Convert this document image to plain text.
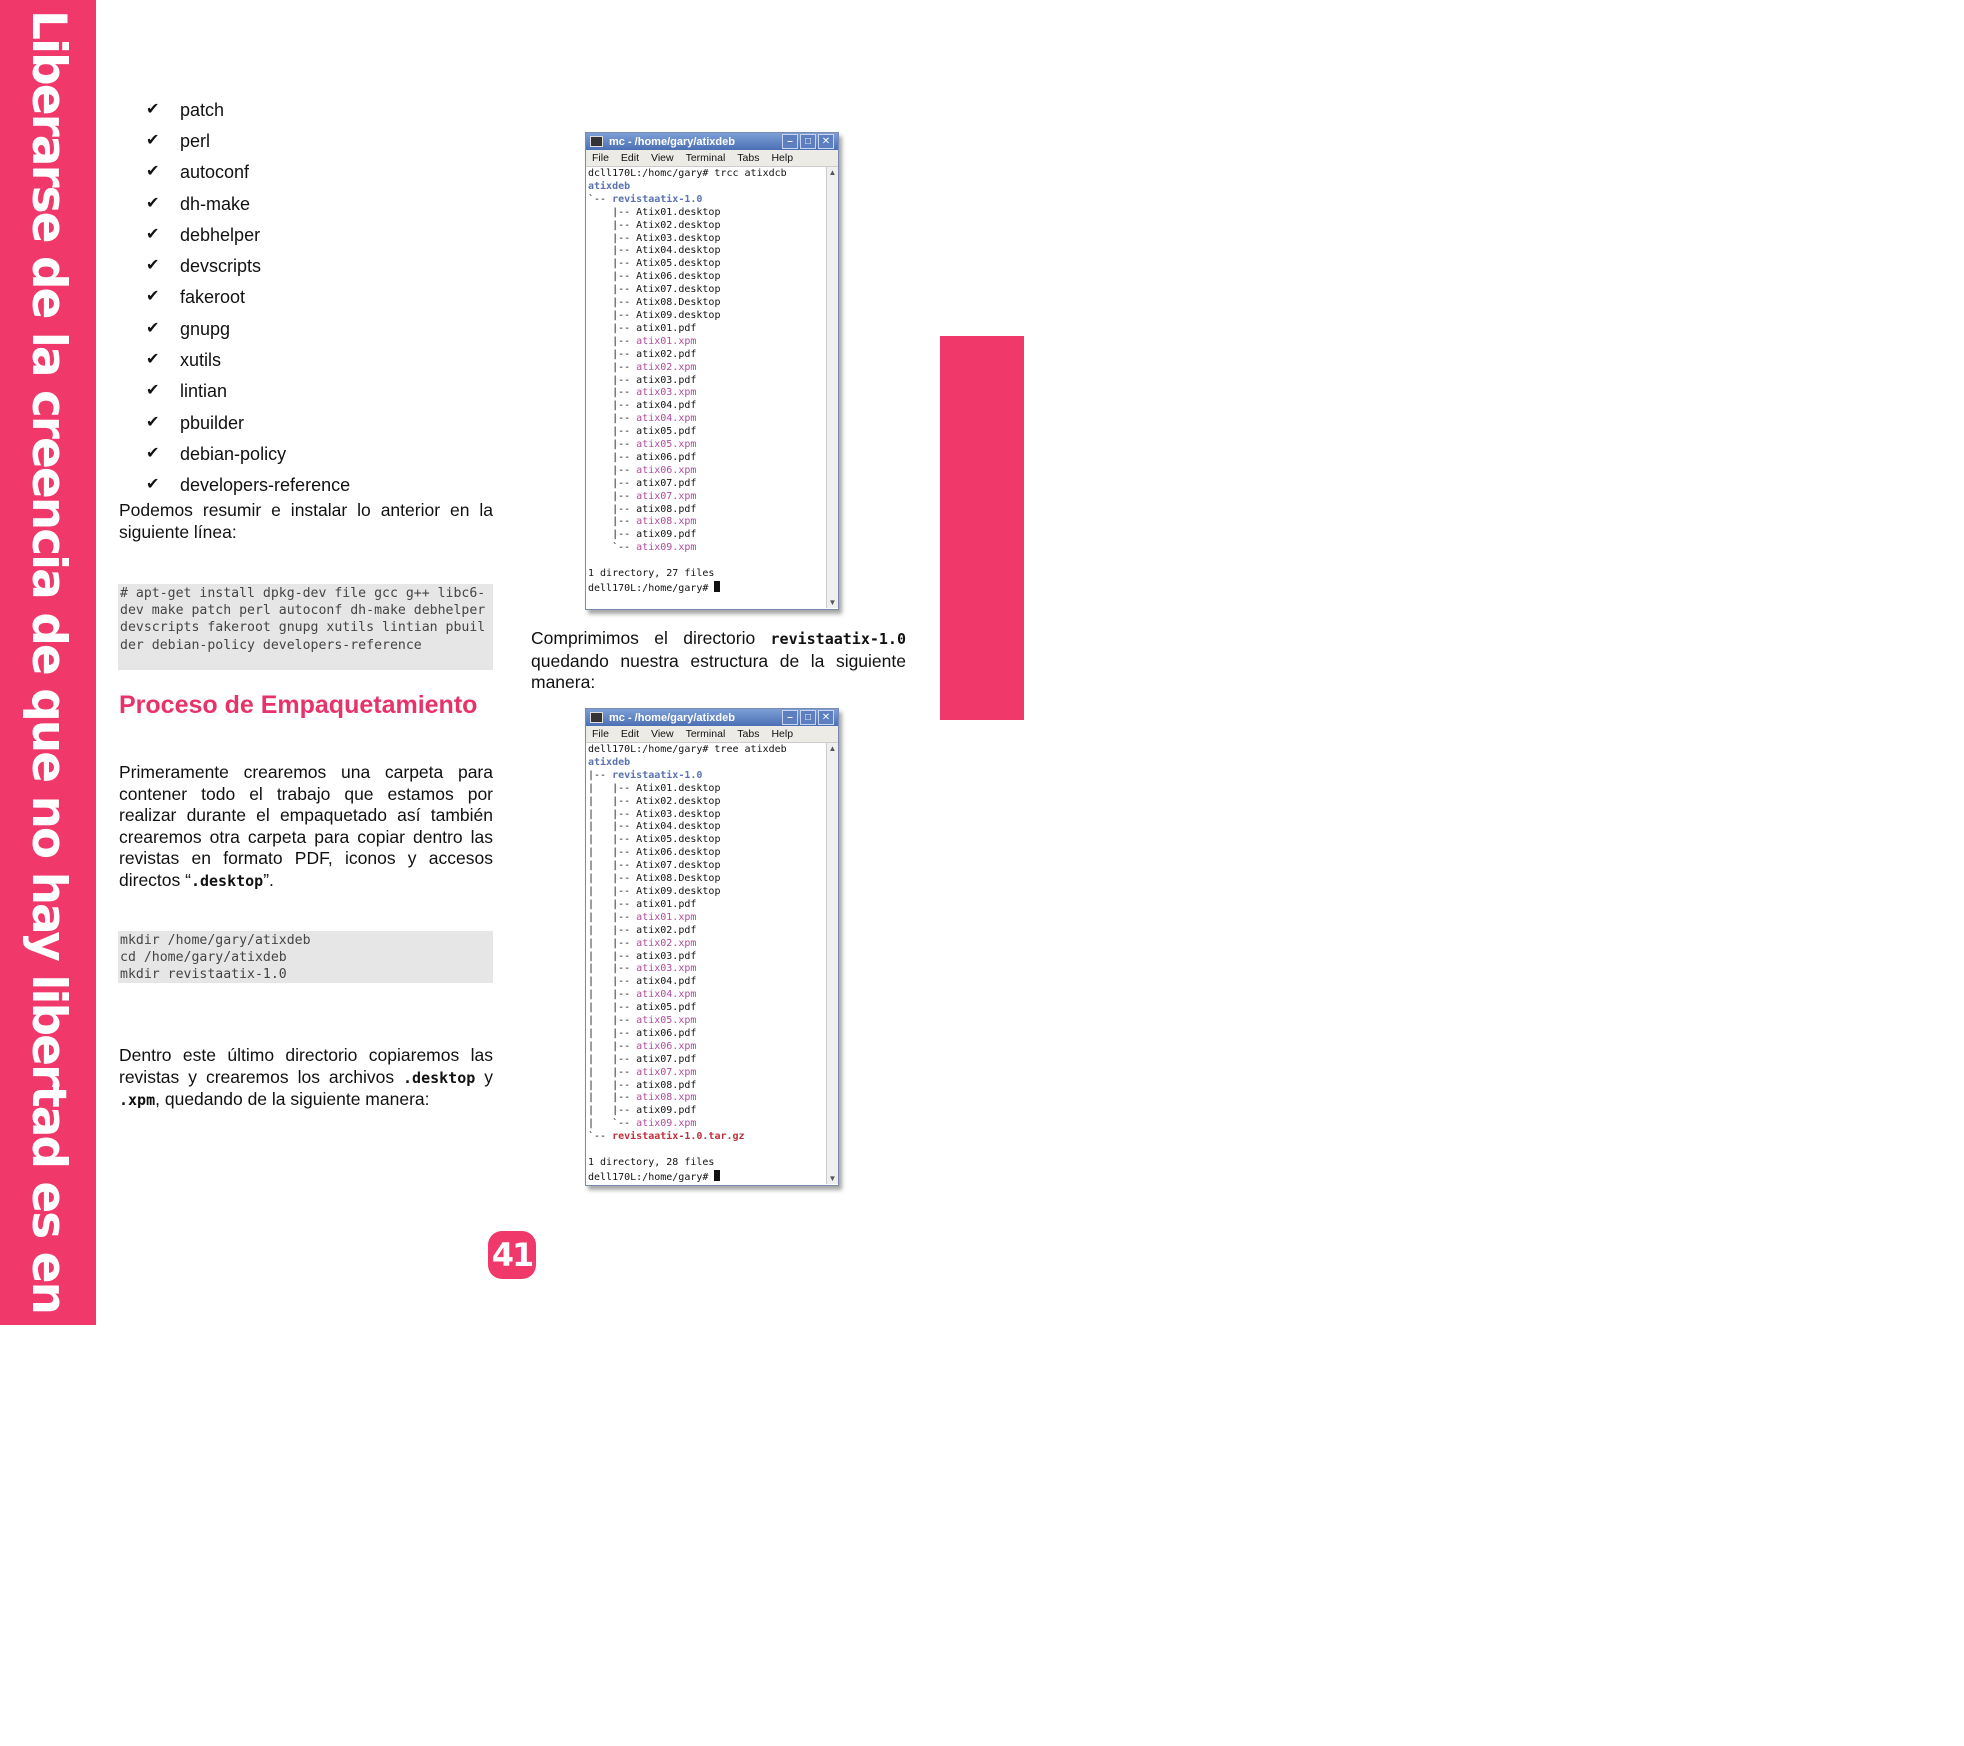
Liberarse de la creencia de que no hay libertad es en realidad ser libre	Desarrollo
✔	patch
✔	perl
✔	autoconf
✔	dh-make
✔	debhelper
✔	devscripts
✔	fakeroot
✔	gnupg
✔	xutils
✔	lintian
✔	pbuilder
✔	debian-policy
✔	developers-reference
Podemos resumir e instalar lo anterior en la siguiente línea:
# apt-get install dpkg-dev file gcc g++ libc6-dev make patch perl autoconf dh-make debhelper devscripts fakeroot gnupg xutils lintian pbuilder debian-policy developers-reference
Proceso de Empaquetamiento
Primeramente crearemos una carpeta para contener todo el trabajo que estamos por realizar durante el empaquetado así también crearemos otra carpeta para copiar dentro las revistas en formato PDF, iconos y accesos directos “.desktop”.
mkdir /home/gary/atixdeb
cd /home/gary/atixdeb
mkdir revistaatix-1.0
Dentro este último directorio copiaremos las revistas y crearemos los archivos .desktop y .xpm, quedando de la siguiente manera:
Comprimimos el directorio revistaatix-1.0 quedando nuestra estructura de la siguiente manera:
mc - /home/gary/atixdeb	–	□	✕
File Edit View Terminal Tabs Help
dcll170L:/homc/gary# trcc atixdcb
atixdeb
`-- revistaatix-1.0
|-- Atix01.desktop
|-- Atix02.desktop
|-- Atix03.desktop
|-- Atix04.desktop
|-- Atix05.desktop
|-- Atix06.desktop
|-- Atix07.desktop
|-- Atix08.Desktop
|-- Atix09.desktop
|-- atix01.pdf
|-- atix01.xpm
|-- atix02.pdf
|-- atix02.xpm
|-- atix03.pdf
|-- atix03.xpm
|-- atix04.pdf
|-- atix04.xpm
|-- atix05.pdf
|-- atix05.xpm
|-- atix06.pdf
|-- atix06.xpm
|-- atix07.pdf
|-- atix07.xpm
|-- atix08.pdf
|-- atix08.xpm
|-- atix09.pdf
`-- atix09.xpm

1 directory, 27 files
dell170L:/home/gary#
▲
▼
mc - /home/gary/atixdeb	–	□	✕
File Edit View Terminal Tabs Help
dell170L:/home/gary# tree atixdeb
atixdeb
|-- revistaatix-1.0
|   |-- Atix01.desktop
|   |-- Atix02.desktop
|   |-- Atix03.desktop
|   |-- Atix04.desktop
|   |-- Atix05.desktop
|   |-- Atix06.desktop
|   |-- Atix07.desktop
|   |-- Atix08.Desktop
|   |-- Atix09.desktop
|   |-- atix01.pdf
|   |-- atix01.xpm
|   |-- atix02.pdf
|   |-- atix02.xpm
|   |-- atix03.pdf
|   |-- atix03.xpm
|   |-- atix04.pdf
|   |-- atix04.xpm
|   |-- atix05.pdf
|   |-- atix05.xpm
|   |-- atix06.pdf
|   |-- atix06.xpm
|   |-- atix07.pdf
|   |-- atix07.xpm
|   |-- atix08.pdf
|   |-- atix08.xpm
|   |-- atix09.pdf
|   `-- atix09.xpm
`-- revistaatix-1.0.tar.gz

1 directory, 28 files
dell170L:/home/gary#
▲
▼
41
